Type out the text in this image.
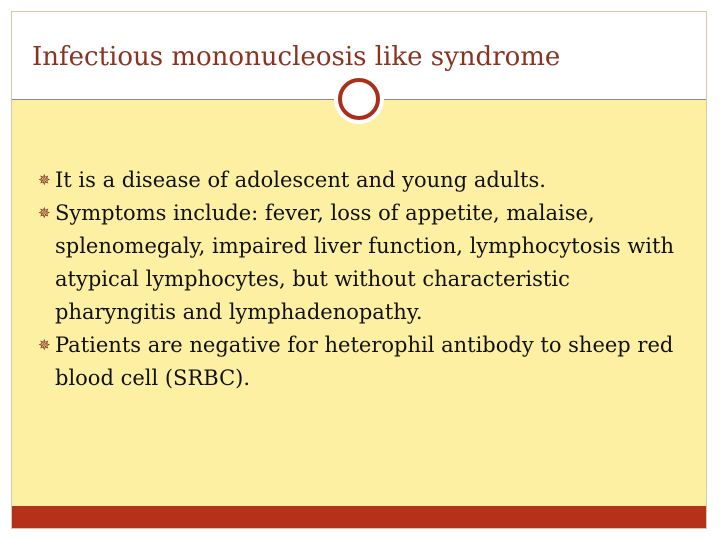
Infectious mononucleosis like syndrome
✵ It is a disease of adolescent and young adults.
✵ Symptoms include: fever, loss of appetite, malaise, splenomegaly, impaired liver function, lymphocytosis with atypical lymphocytes, but without characteristic pharyngitis and lymphadenopathy.
✵ Patients are negative for heterophil antibody to sheep red blood cell (SRBC).
